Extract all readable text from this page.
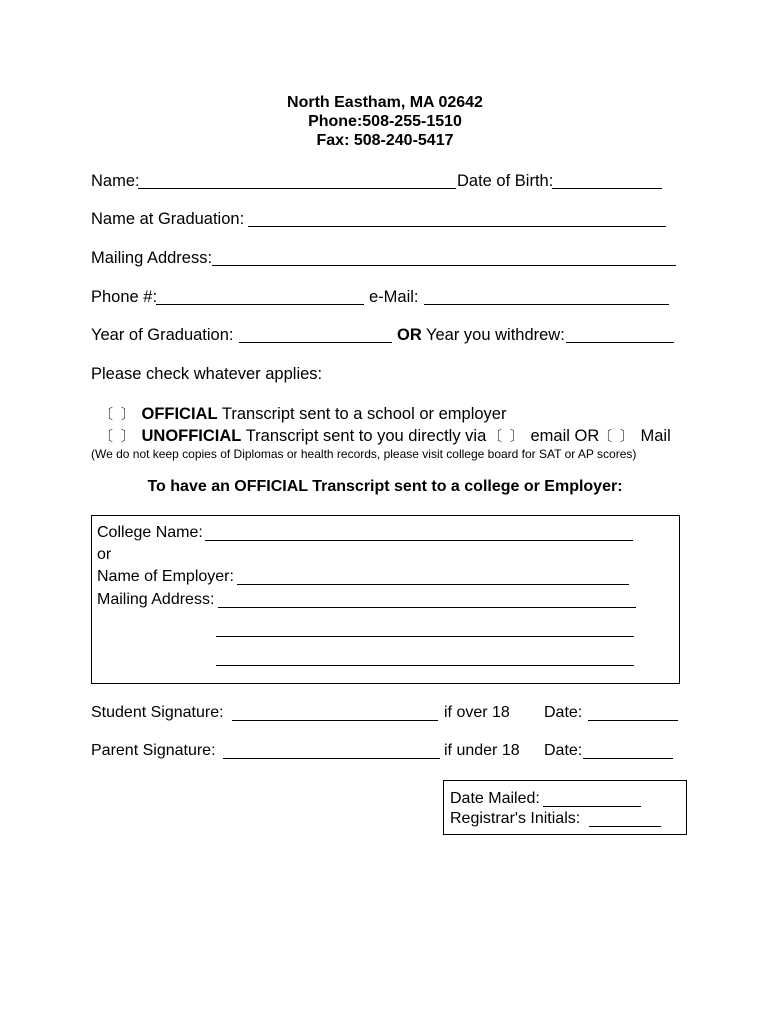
North Eastham, MA 02642
Phone:508-255-1510
Fax: 508-240-5417
Name:	Date of Birth:
Name at Graduation:
Mailing Address:
Phone #:	e-Mail:
Year of Graduation:	OR Year you withdrew:
Please check whatever applies:
〔 〕 OFFICIAL Transcript sent to a school or employer
〔 〕 UNOFFICIAL Transcript sent to you directly via 〔 〕 email OR
〔 〕 Mail
(We do not keep copies of Diplomas or health records, please visit college board for SAT or AP scores)
To have an OFFICIAL Transcript sent to a college or Employer:
College Name:
or
Name of Employer:
Mailing Address:
Student Signature:	if over 18 Date:
Parent Signature:	if under 18 Date:
Date Mailed:
Registrar's Initials:
